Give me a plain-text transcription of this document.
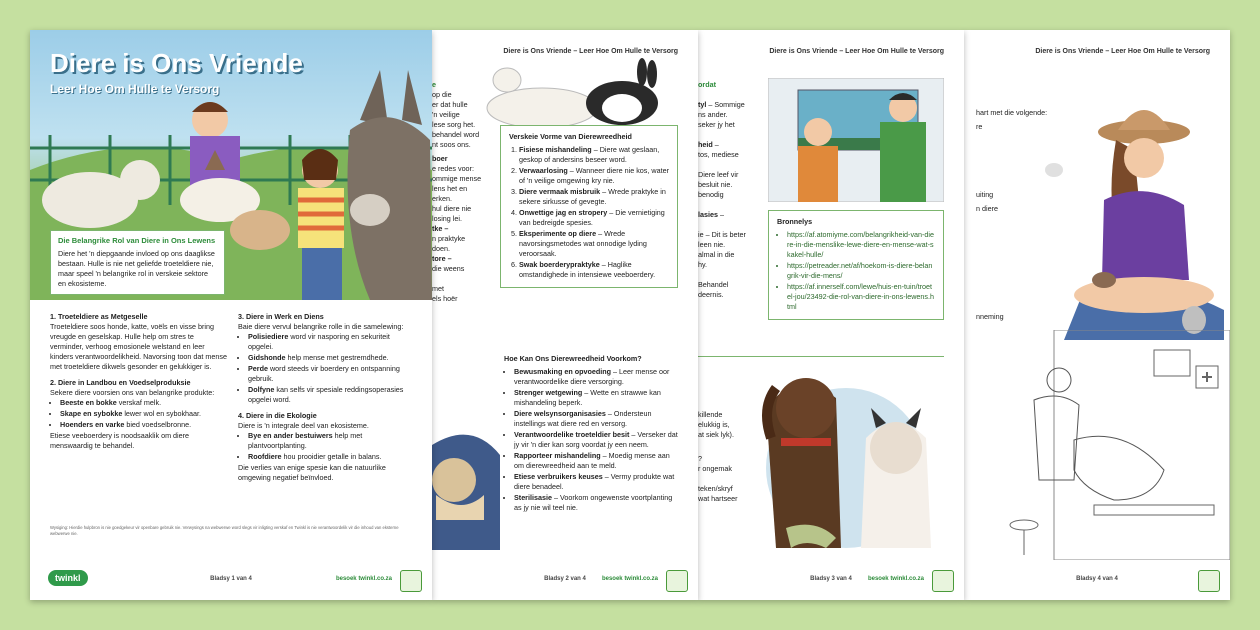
Diere is Ons Vriende – Leer Hoe Om Hulle te Versorg
hart met die volgende:
re
uiting
n diere
nneming
Bladsy 4 van 4
Diere is Ons Vriende – Leer Hoe Om Hulle te Versorg
ordat
tyl – Sommige
ns ander.
seker jy het
heid –
tos, mediese
Diere leef vir
besluit nie.
benodig
lasies –
ie – Dit is beter
leen nie.
almal in die
hy.
Behandel
deernis.
Bronnelys
• https://af.atomiyme.com/belangrikheid-van-diere-in-die-menslike-lewe-diere-en-mense-wat-skakel-hulle/
• https://petreader.net/af/hoekom-is-diere-belangrik-vir-die-mens/
• https://af.innerself.com/lewe/huis-en-tuin/troetel-jou/23492-die-rol-van-diere-in-ons-lewens.html
killende
elukkig is,
at siek lyk).
?
r ongemak
teken/skryf
wat hartseer
Bladsy 3 van 4	besoek twinkl.co.za
Diere is Ons Vriende – Leer Hoe Om Hulle te Versorg
e
op die
er dat hulle
'n veilige
lese sorg het.
behandel word
nt soos ons.
boer
e redes voor:
ommige mense
lens het en
erken.
hul diere nie
losing lei.
tke –
n praktyke
doen.
tore –
die weens
met
els hoër
Verskeie Vorme van Dierewreedheid
1. Fisiese mishandeling – Diere wat geslaan, geskop of andersins beseer word.
2. Verwaarlosing – Wanneer diere nie kos, water of 'n veilige omgewing kry nie.
3. Diere vermaak misbruik – Wrede praktyke in sekere sirkusse of gevegte.
4. Onwettige jag en stropery – Die vernietiging van bedreigde spesies.
5. Eksperimente op diere – Wrede navorsingsmetodes wat onnodige lyding veroorsaak.
6. Swak boerderypraktyke – Haglike omstandighede in intensiewe veeboerdery.
Hoe Kan Ons Dierewreedheid Voorkom?
• Bewusmaking en opvoeding – Leer mense oor verantwoordelike diere versorging.
• Strenger wetgewing – Wette en strawwe kan mishandeling beperk.
• Diere welsynsorganisasies – Ondersteun instellings wat diere red en versorg.
• Verantwoordelike troeteldier besit – Verseker dat jy vir 'n dier kan sorg voordat jy een neem.
• Rapporteer mishandeling – Moedig mense aan om dierewreedheid aan te meld.
• Etiese verbruikers keuses – Vermy produkte wat diere benadeel.
• Sterilisasie – Voorkom ongewenste voortplanting as jy nie wil teel nie.
Bladsy 2 van 4	besoek twinkl.co.za
Diere is Ons Vriende
Leer Hoe Om Hulle te Versorg
Die Belangrike Rol van Diere in Ons Lewens
Diere het 'n diepgaande invloed op ons daaglikse bestaan. Hulle is nie net geliefde troeteldiere nie, maar speel 'n belangrike rol in verskeie sektore en ekosisteme.
1. Troeteldiere as Metgeselle
Troeteldiere soos honde, katte, voëls en visse bring vreugde en geselskap. Hulle help om stres te verminder, verhoog emosionele welstand en leer kinders verantwoordelikheid. Navorsing toon dat mense met troeteldiere dikwels gesonder en gelukkiger is.
2. Diere in Landbou en Voedselproduksie
Sekere diere voorsien ons van belangrike produkte:
• Beeste en bokke verskaf melk.
• Skape en sybokke lewer wol en sybokhaar.
• Hoenders en varke bied voedselbronne.
Etiese veeboerdery is noodsaaklik om diere menswaardig te behandel.
3. Diere in Werk en Diens
Baie diere vervul belangrike rolle in die samelewing:
• Polisiediere word vir nasporing en sekuriteit opgelei.
• Gidshonde help mense met gestremdhede.
• Perde word steeds vir boerdery en ontspanning gebruik.
• Dolfyne kan selfs vir spesiale reddingsoperasies opgelei word.
4. Diere in die Ekologie
Diere is 'n integrale deel van ekosisteme.
• Bye en ander bestuiwers help met plantvoortplanting.
• Roofdiere hou prooidier getalle in balans.
Die verlies van enige spesie kan die natuurlike omgewing negatief beïnvloed.
Wysiging: Hierdie hulpbron is nie goedgekeur vir openbare gebruik nie. Verwysings na webwerwe word slegs vir inligting verskaf en Twinkl is nie verantwoordelik vir die inhoud van eksterne webwerwe nie.
twinkl	Bladsy 1 van 4	besoek twinkl.co.za
